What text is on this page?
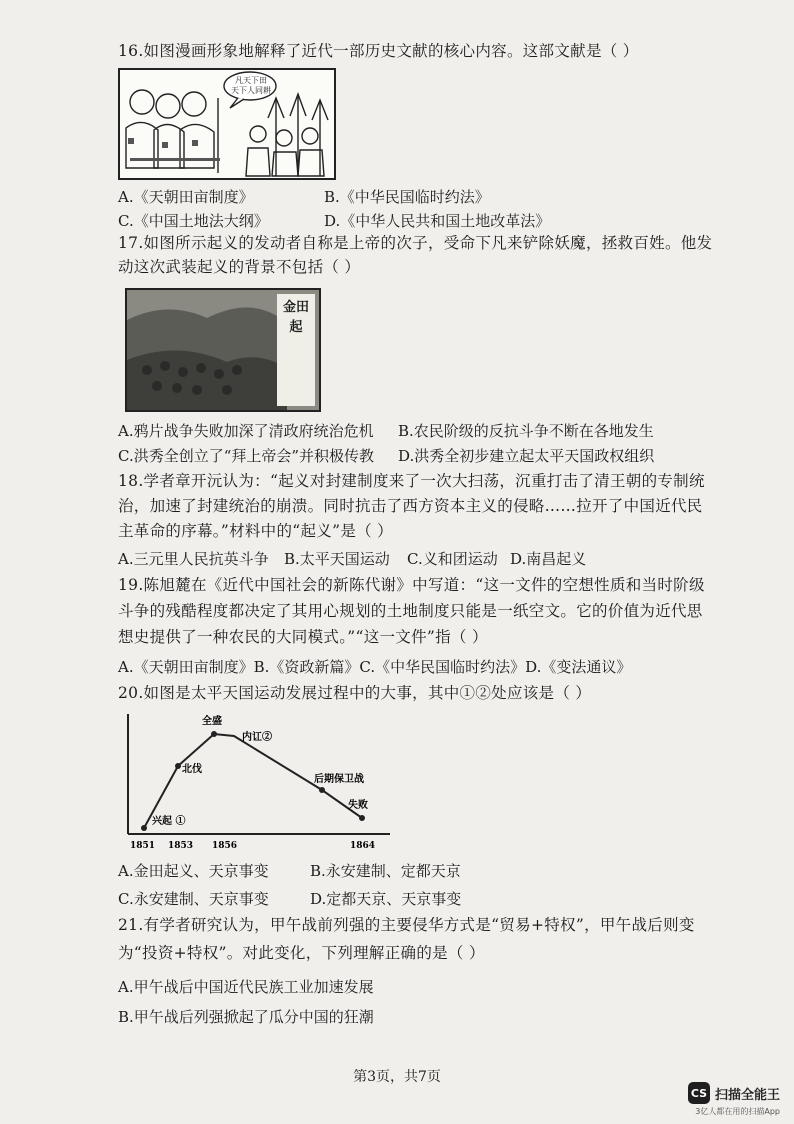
16.如图漫画形象地解释了近代一部历史文献的核心内容。这部文献是（ ）
凡天下田
天下人同耕
A.《天朝田亩制度》	B.《中华民国临时约法》
C.《中国土地法大纲》	D.《中华人民共和国土地改革法》
17.如图所示起义的发动者自称是上帝的次子，受命下凡来铲除妖魔，拯救百姓。他发
动这次武装起义的背景不包括（ ）
金田起
A.鸦片战争失败加深了清政府统治危机 B.农民阶级的反抗斗争不断在各地发生
C.洪秀全创立了“拜上帝会”并积极传教 D.洪秀全初步建立起太平天国政权组织
18.学者章开沅认为：“起义对封建制度来了一次大扫荡，沉重打击了清王朝的专制统
治，加速了封建统治的崩溃。同时抗击了西方资本主义的侵略……拉开了中国近代民
主革命的序幕。”材料中的“起义”是（ ）
A.三元里人民抗英斗争 B.太平天国运动 C.义和团运动 D.南昌起义
19.陈旭麓在《近代中国社会的新陈代谢》中写道：“这一文件的空想性质和当时阶级
斗争的残酷程度都决定了其用心规划的土地制度只能是一纸空文。它的价值为近代思
想史提供了一种农民的大同模式。”“这一文件”指（ ）
A.《天朝田亩制度》B.《资政新篇》C.《中华民国临时约法》D.《变法通议》
20.如图是太平天国运动发展过程中的大事，其中①②处应该是（ ）
1851 1853 1856	1864
兴起 ①
北伐
全盛
内讧②
后期保卫战
失败
A.金田起义、天京事变	B.永安建制、定都天京
C.永安建制、天京事变	D.定都天京、天京事变
21.有学者研究认为，甲午战前列强的主要侵华方式是“贸易+特权”，甲午战后则变
为“投资+特权”。对此变化，下列理解正确的是（ ）
A.甲午战后中国近代民族工业加速发展
B.甲午战后列强掀起了瓜分中国的狂潮
第3页，共7页
CS 扫描全能王
3亿人都在用的扫描App
